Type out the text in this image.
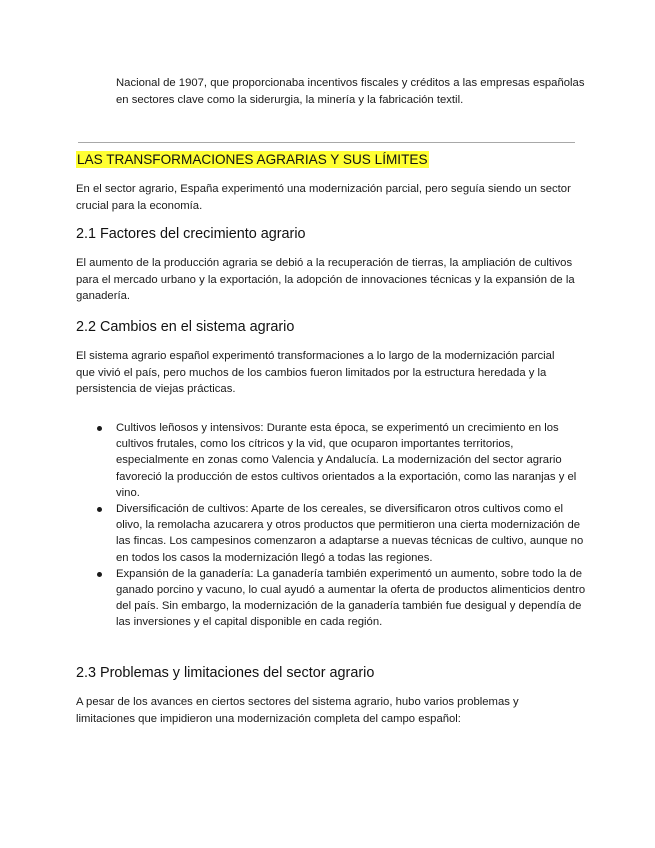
Nacional de 1907, que proporcionaba incentivos fiscales y créditos a las empresas españolas en sectores clave como la siderurgia, la minería y la fabricación textil.

LAS TRANSFORMACIONES AGRARIAS Y SUS LÍMITES

En el sector agrario, España experimentó una modernización parcial, pero seguía siendo un sector crucial para la economía.

2.1 Factores del crecimiento agrario

El aumento de la producción agraria se debió a la recuperación de tierras, la ampliación de cultivos para el mercado urbano y la exportación, la adopción de innovaciones técnicas y la expansión de la ganadería.

2.2 Cambios en el sistema agrario

El sistema agrario español experimentó transformaciones a lo largo de la modernización parcial que vivió el país, pero muchos de los cambios fueron limitados por la estructura heredada y la persistencia de viejas prácticas.

Cultivos leñosos y intensivos: Durante esta época, se experimentó un crecimiento en los cultivos frutales, como los cítricos y la vid, que ocuparon importantes territorios, especialmente en zonas como Valencia y Andalucía. La modernización del sector agrario favoreció la producción de estos cultivos orientados a la exportación, como las naranjas y el vino.
Diversificación de cultivos: Aparte de los cereales, se diversificaron otros cultivos como el olivo, la remolacha azucarera y otros productos que permitieron una cierta modernización de las fincas. Los campesinos comenzaron a adaptarse a nuevas técnicas de cultivo, aunque no en todos los casos la modernización llegó a todas las regiones.
Expansión de la ganadería: La ganadería también experimentó un aumento, sobre todo la de ganado porcino y vacuno, lo cual ayudó a aumentar la oferta de productos alimenticios dentro del país. Sin embargo, la modernización de la ganadería también fue desigual y dependía de las inversiones y el capital disponible en cada región.
2.3 Problemas y limitaciones del sector agrario

A pesar de los avances en ciertos sectores del sistema agrario, hubo varios problemas y limitaciones que impidieron una modernización completa del campo español:
